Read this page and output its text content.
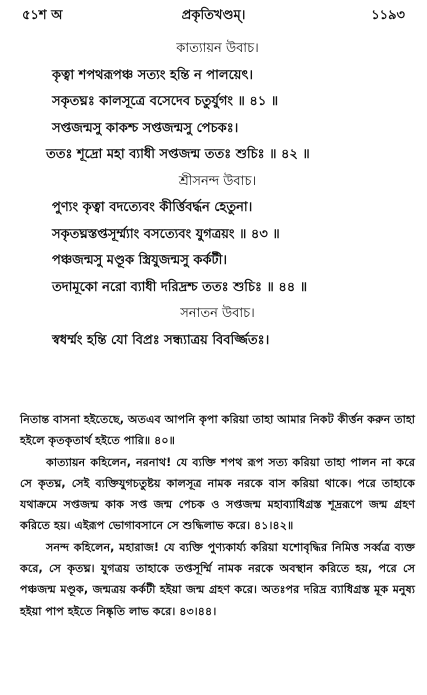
৫১শ অ	প্রকৃতিখণ্ডম্।	১১৯৩
কাত্যায়ন উবাচ।
কৃত্বা শপথরূপঞ্চ সত্যং হন্তি ন পালয়েৎ।
সকৃতঘ্নঃ কালসূত্রে বসেদেব চতুর্যুগং ॥ ৪১ ॥
সপ্তজন্মসু কাকশ্চ সপ্তজন্মসু পেচকঃ।
ততঃ শূদ্রো মহা ব্যাধী সপ্তজন্ম ততঃ শুচিঃ ॥ ৪২ ॥
শ্রীসনন্দ উবাচ।
পুণ্যং কৃত্বা বদত্যেবং কীর্ত্তিবর্দ্ধন হেতুনা।
সকৃতঘ্নস্তপ্তসূর্ম্ম্যাং বসত্যেবং যুগত্রয়ং ॥ ৪৩ ॥
পঞ্চজন্মসু মণ্ডূক স্ত্রিযুজন্মসু কর্কটী।
তদামূকো নরো ব্যাধী দরিদ্রশ্চ ততঃ শুচিঃ ॥ ৪৪ ॥
সনাতন উবাচ।
স্বধর্ম্মং হন্তি যো বিপ্রঃ সন্ধ্যাত্রয় বিবর্জ্জিতঃ।

নিতান্ত বাসনা হইতেছে, অতএব আপনি কৃপা করিয়া তাহা আমার নিকট কীর্ত্তন করুন তাহা হইলে কৃতকৃতার্থ হইতে পারি॥ ৪০॥

কাত্যায়ন কহিলেন, নরনাথ! যে ব্যক্তি শপথ রূপ সত্য করিয়া তাহা পালন না করে সে কৃতঘ্ন, সেই ব্যক্তিযুগচতুষ্টয় কালসূত্র নামক নরকে বাস করিয়া থাকে। পরে তাহাকে যথাক্রমে সপ্তজন্ম কাক সপ্ত জন্ম পেচক ও সপ্তজন্ম মহাব্যাধিগ্রস্ত শূদ্ররূপে জন্ম গ্রহণ করিতে হয়। এইরূপ ভোগাবসানে সে শুদ্ধিলাভ করে। ৪১।৪২॥

সনন্দ কহিলেন, মহারাজ! যে ব্যক্তি পুণ্যকার্য্য করিয়া যশোবৃদ্ধির নিমিত্ত সর্ব্বত্র ব্যক্ত করে, সে কৃতঘ্ন। যুগত্রয় তাহাকে তপ্তসূর্ম্মি নামক নরকে অবস্থান করিতে হয়, পরে সে পঞ্চজন্ম মণ্ডূক, জন্মত্রয় কর্কটী হইয়া জন্ম গ্রহণ করে। অতঃপর দরিদ্র ব্যাধিগ্রস্ত মূক মনুষ্য হইয়া পাপ হইতে নিষ্কৃতি লাভ করে। ৪৩।৪৪।
